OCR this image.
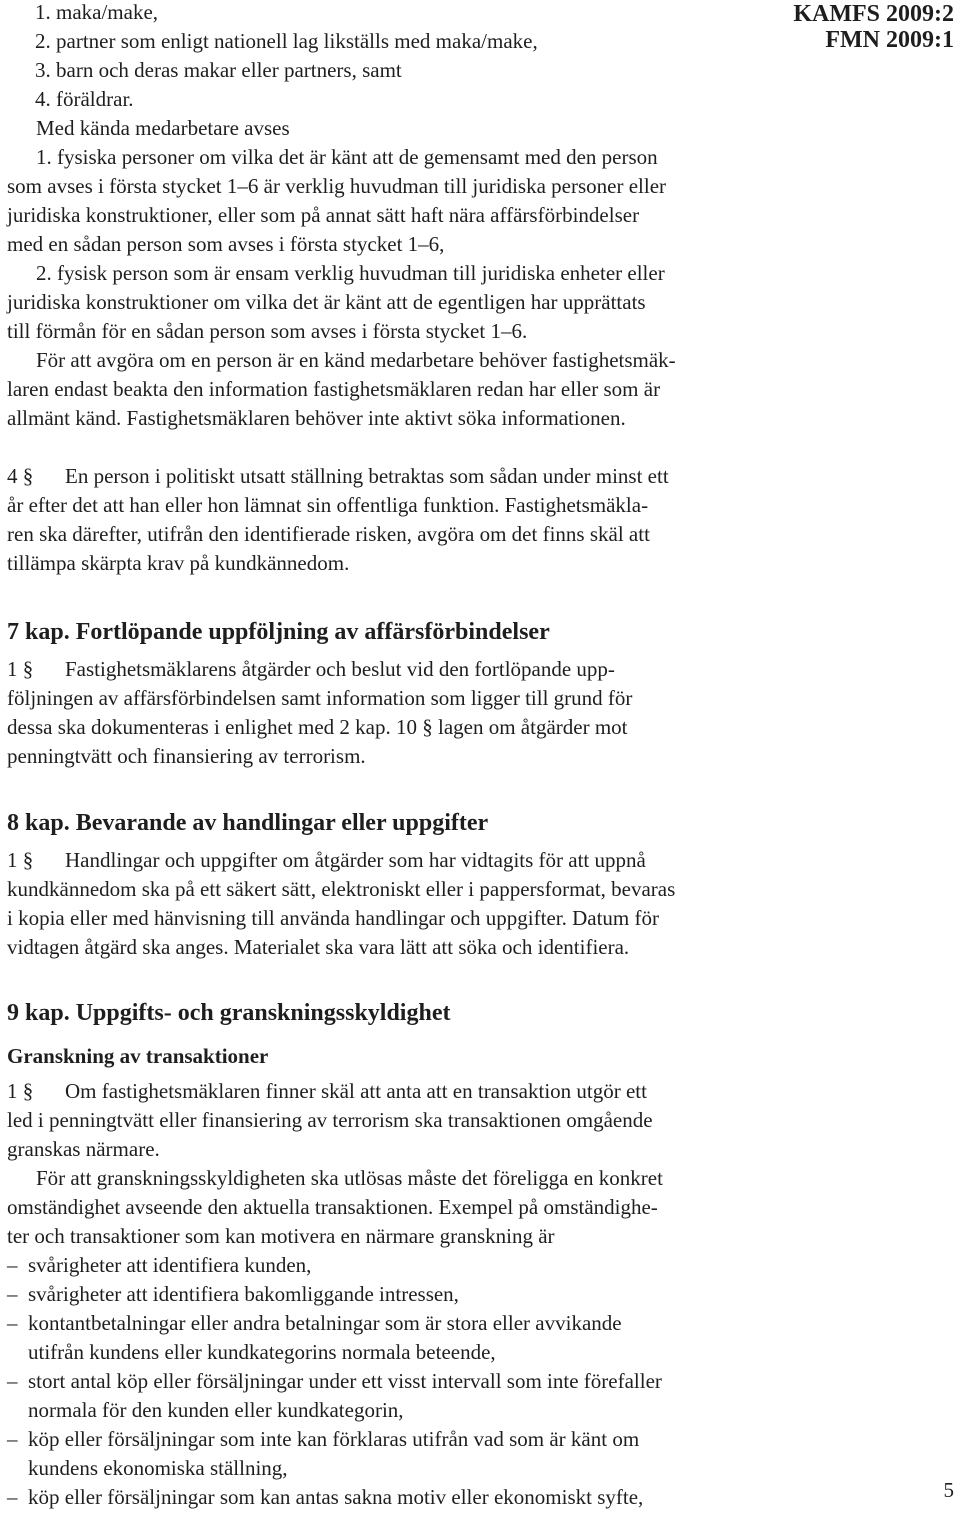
KAMFS 2009:2
FMN 2009:1
1. maka/make,
2. partner som enligt nationell lag likställs med maka/make,
3. barn och deras makar eller partners, samt
4. föräldrar.
Med kända medarbetare avses
1. fysiska personer om vilka det är känt att de gemensamt med den person
som avses i första stycket 1–6 är verklig huvudman till juridiska personer eller
juridiska konstruktioner, eller som på annat sätt haft nära affärsförbindelser
med en sådan person som avses i första stycket 1–6,
2. fysisk person som är ensam verklig huvudman till juridiska enheter eller
juridiska konstruktioner om vilka det är känt att de egentligen har upprättats
till förmån för en sådan person som avses i första stycket 1–6.
För att avgöra om en person är en känd medarbetare behöver fastighetsmäk-
laren endast beakta den information fastighetsmäklaren redan har eller som är
allmänt känd. Fastighetsmäklaren behöver inte aktivt söka informationen.
4 § En person i politiskt utsatt ställning betraktas som sådan under minst ett
år efter det att han eller hon lämnat sin offentliga funktion. Fastighetsmäkla-
ren ska därefter, utifrån den identifierade risken, avgöra om det finns skäl att
tillämpa skärpta krav på kundkännedom.
7 kap. Fortlöpande uppföljning av affärsförbindelser
1 § Fastighetsmäklarens åtgärder och beslut vid den fortlöpande upp-
följningen av affärsförbindelsen samt information som ligger till grund för
dessa ska dokumenteras i enlighet med 2 kap. 10 § lagen om åtgärder mot
penningtvätt och finansiering av terrorism.
8 kap. Bevarande av handlingar eller uppgifter
1 § Handlingar och uppgifter om åtgärder som har vidtagits för att uppnå
kundkännedom ska på ett säkert sätt, elektroniskt eller i pappersformat, bevaras
i kopia eller med hänvisning till använda handlingar och uppgifter. Datum för
vidtagen åtgärd ska anges. Materialet ska vara lätt att söka och identifiera.
9 kap. Uppgifts- och granskningsskyldighet
Granskning av transaktioner
1 § Om fastighetsmäklaren finner skäl att anta att en transaktion utgör ett
led i penningtvätt eller finansiering av terrorism ska transaktionen omgående
granskas närmare.
För att granskningsskyldigheten ska utlösas måste det föreligga en konkret
omständighet avseende den aktuella transaktionen. Exempel på omständighe-
ter och transaktioner som kan motivera en närmare granskning är
– svårigheter att identifiera kunden,
– svårigheter att identifiera bakomliggande intressen,
– kontantbetalningar eller andra betalningar som är stora eller avvikande
utifrån kundens eller kundkategorins normala beteende,
– stort antal köp eller försäljningar under ett visst intervall som inte förefaller
normala för den kunden eller kundkategorin,
– köp eller försäljningar som inte kan förklaras utifrån vad som är känt om
kundens ekonomiska ställning,
– köp eller försäljningar som kan antas sakna motiv eller ekonomiskt syfte,	5
